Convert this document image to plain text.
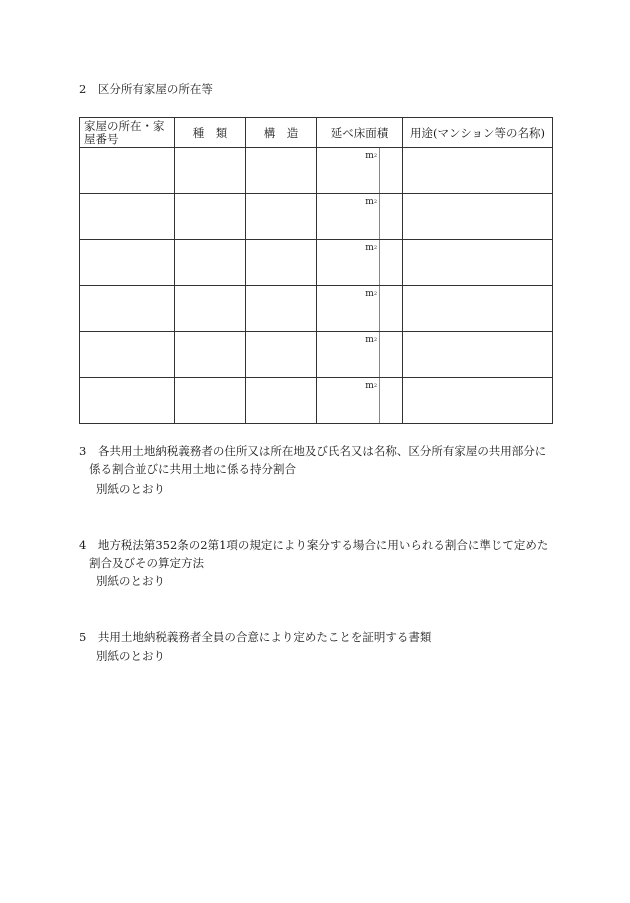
2　区分所有家屋の所在等
家屋の所在・家
屋番号	種　類	構　造	延べ床面積	用途(マンション等の名称)

			$m^2$

			$m^2$

			$m^2$

			$m^2$

			$m^2$

			$m^2$

3　各共用土地納税義務者の住所又は所在地及び氏名又は名称、区分所有家屋の共用部分に
係る割合並びに共用土地に係る持分割合
別紙のとおり
4　地方税法第352条の2第1項の規定により案分する場合に用いられる割合に準じて定めた
割合及びその算定方法
別紙のとおり
5　共用土地納税義務者全員の合意により定めたことを証明する書類
別紙のとおり
